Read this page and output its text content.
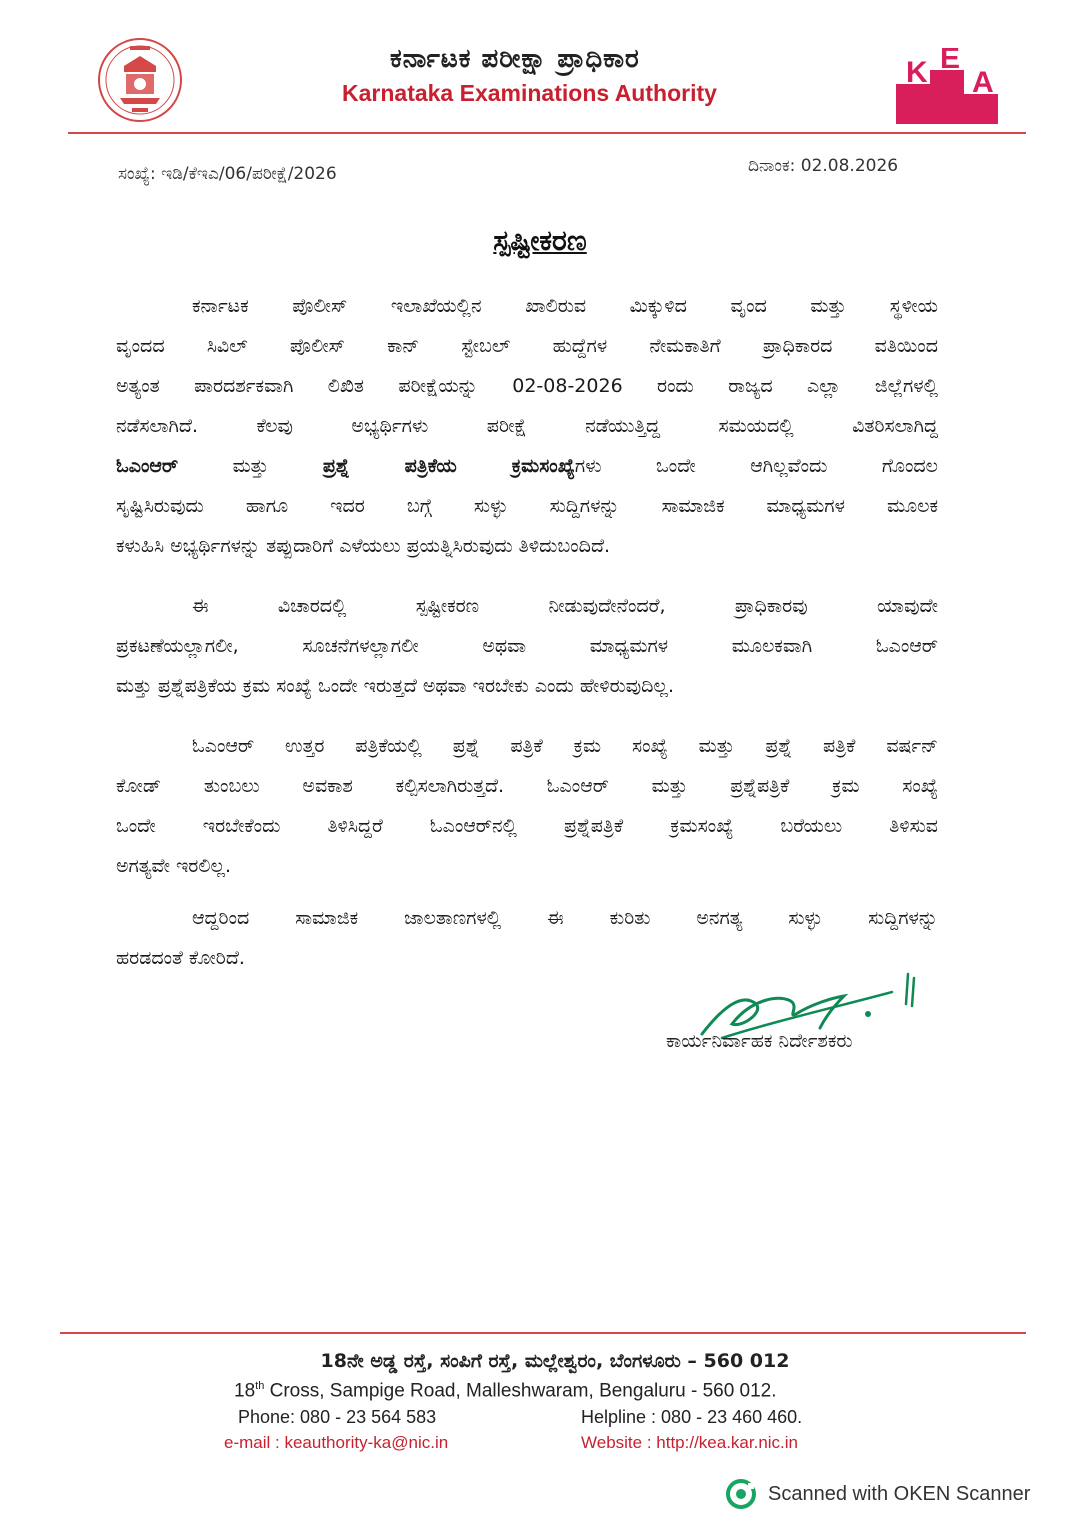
ಕರ್ನಾಟಕ ಪರೀಕ್ಷಾ ಪ್ರಾಧಿಕಾರ
Karnataka Examinations Authority
K E
A
ಸಂಖ್ಯೆ: ಇಡಿ/ಕೆಇಎ/06/ಪರೀಕ್ಷೆ/2026	ದಿನಾಂಕ: 02.08.2026
ಸ್ಪಷ್ಟೀಕರಣ
ಕರ್ನಾಟಕ ಪೊಲೀಸ್ ಇಲಾಖೆಯಲ್ಲಿನ ಖಾಲಿರುವ ಮಿಕ್ಕುಳಿದ ವೃಂದ ಮತ್ತು ಸ್ಥಳೀಯ
ವೃಂದದ ಸಿವಿಲ್ ಪೊಲೀಸ್ ಕಾನ್ ಸ್ಟೇಬಲ್ ಹುದ್ದೆಗಳ ನೇಮಕಾತಿಗೆ ಪ್ರಾಧಿಕಾರದ ವತಿಯಿಂದ
ಅತ್ಯಂತ ಪಾರದರ್ಶಕವಾಗಿ ಲಿಖಿತ ಪರೀಕ್ಷೆಯನ್ನು 02-08-2026 ರಂದು ರಾಜ್ಯದ ಎಲ್ಲಾ ಜಿಲ್ಲೆಗಳಲ್ಲಿ
ನಡೆಸಲಾಗಿದೆ. ಕೆಲವು ಅಭ್ಯರ್ಥಿಗಳು ಪರೀಕ್ಷೆ ನಡೆಯುತ್ತಿದ್ದ ಸಮಯದಲ್ಲಿ ವಿತರಿಸಲಾಗಿದ್ದ
ಓಎಂಆರ್ ಮತ್ತು ಪ್ರಶ್ನೆ ಪತ್ರಿಕೆಯ ಕ್ರಮಸಂಖ್ಯೆಗಳು ಒಂದೇ ಆಗಿಲ್ಲವೆಂದು ಗೊಂದಲ
ಸೃಷ್ಟಿಸಿರುವುದು ಹಾಗೂ ಇದರ ಬಗ್ಗೆ ಸುಳ್ಳು ಸುದ್ದಿಗಳನ್ನು ಸಾಮಾಜಿಕ ಮಾಧ್ಯಮಗಳ ಮೂಲಕ
ಕಳುಹಿಸಿ ಅಭ್ಯರ್ಥಿಗಳನ್ನು ತಪ್ಪುದಾರಿಗೆ ಎಳೆಯಲು ಪ್ರಯತ್ನಿಸಿರುವುದು ತಿಳಿದುಬಂದಿದೆ.
ಈ ವಿಚಾರದಲ್ಲಿ ಸ್ಪಷ್ಟೀಕರಣ ನೀಡುವುದೇನೆಂದರೆ, ಪ್ರಾಧಿಕಾರವು ಯಾವುದೇ
ಪ್ರಕಟಣೆಯಲ್ಲಾಗಲೀ, ಸೂಚನೆಗಳಲ್ಲಾಗಲೀ ಅಥವಾ ಮಾಧ್ಯಮಗಳ ಮೂಲಕವಾಗಿ ಓಎಂಆರ್
ಮತ್ತು ಪ್ರಶ್ನೆಪತ್ರಿಕೆಯ ಕ್ರಮ ಸಂಖ್ಯೆ ಒಂದೇ ಇರುತ್ತದೆ ಅಥವಾ ಇರಬೇಕು ಎಂದು ಹೇಳಿರುವುದಿಲ್ಲ.
ಓಎಂಆರ್ ಉತ್ತರ ಪತ್ರಿಕೆಯಲ್ಲಿ ಪ್ರಶ್ನೆ ಪತ್ರಿಕೆ ಕ್ರಮ ಸಂಖ್ಯೆ ಮತ್ತು ಪ್ರಶ್ನೆ ಪತ್ರಿಕೆ ವರ್ಷನ್
ಕೋಡ್ ತುಂಬಲು ಅವಕಾಶ ಕಲ್ಪಿಸಲಾಗಿರುತ್ತದೆ. ಓಎಂಆರ್ ಮತ್ತು ಪ್ರಶ್ನೆಪತ್ರಿಕೆ ಕ್ರಮ ಸಂಖ್ಯೆ
ಒಂದೇ ಇರಬೇಕೆಂದು ತಿಳಿಸಿದ್ದರೆ ಓಎಂಆರ್‌ನಲ್ಲಿ ಪ್ರಶ್ನೆಪತ್ರಿಕೆ ಕ್ರಮಸಂಖ್ಯೆ ಬರೆಯಲು ತಿಳಿಸುವ
ಅಗತ್ಯವೇ ಇರಲಿಲ್ಲ.
ಆದ್ದರಿಂದ ಸಾಮಾಜಿಕ ಜಾಲತಾಣಗಳಲ್ಲಿ ಈ ಕುರಿತು ಅನಗತ್ಯ ಸುಳ್ಳು ಸುದ್ದಿಗಳನ್ನು
ಹರಡದಂತೆ ಕೋರಿದೆ.
ಕಾರ್ಯನಿರ್ವಾಹಕ ನಿರ್ದೇಶಕರು
18ನೇ ಅಡ್ಡ ರಸ್ತೆ, ಸಂಪಿಗೆ ರಸ್ತೆ, ಮಲ್ಲೇಶ್ವರಂ, ಬೆಂಗಳೂರು – 560 012
18th Cross, Sampige Road, Malleshwaram, Bengaluru - 560 012.
Phone: 080 - 23 564 583	Helpline : 080 - 23 460 460.
e-mail : keauthority-ka@nic.in	Website : http://kea.kar.nic.in
Scanned with OKEN Scanner
